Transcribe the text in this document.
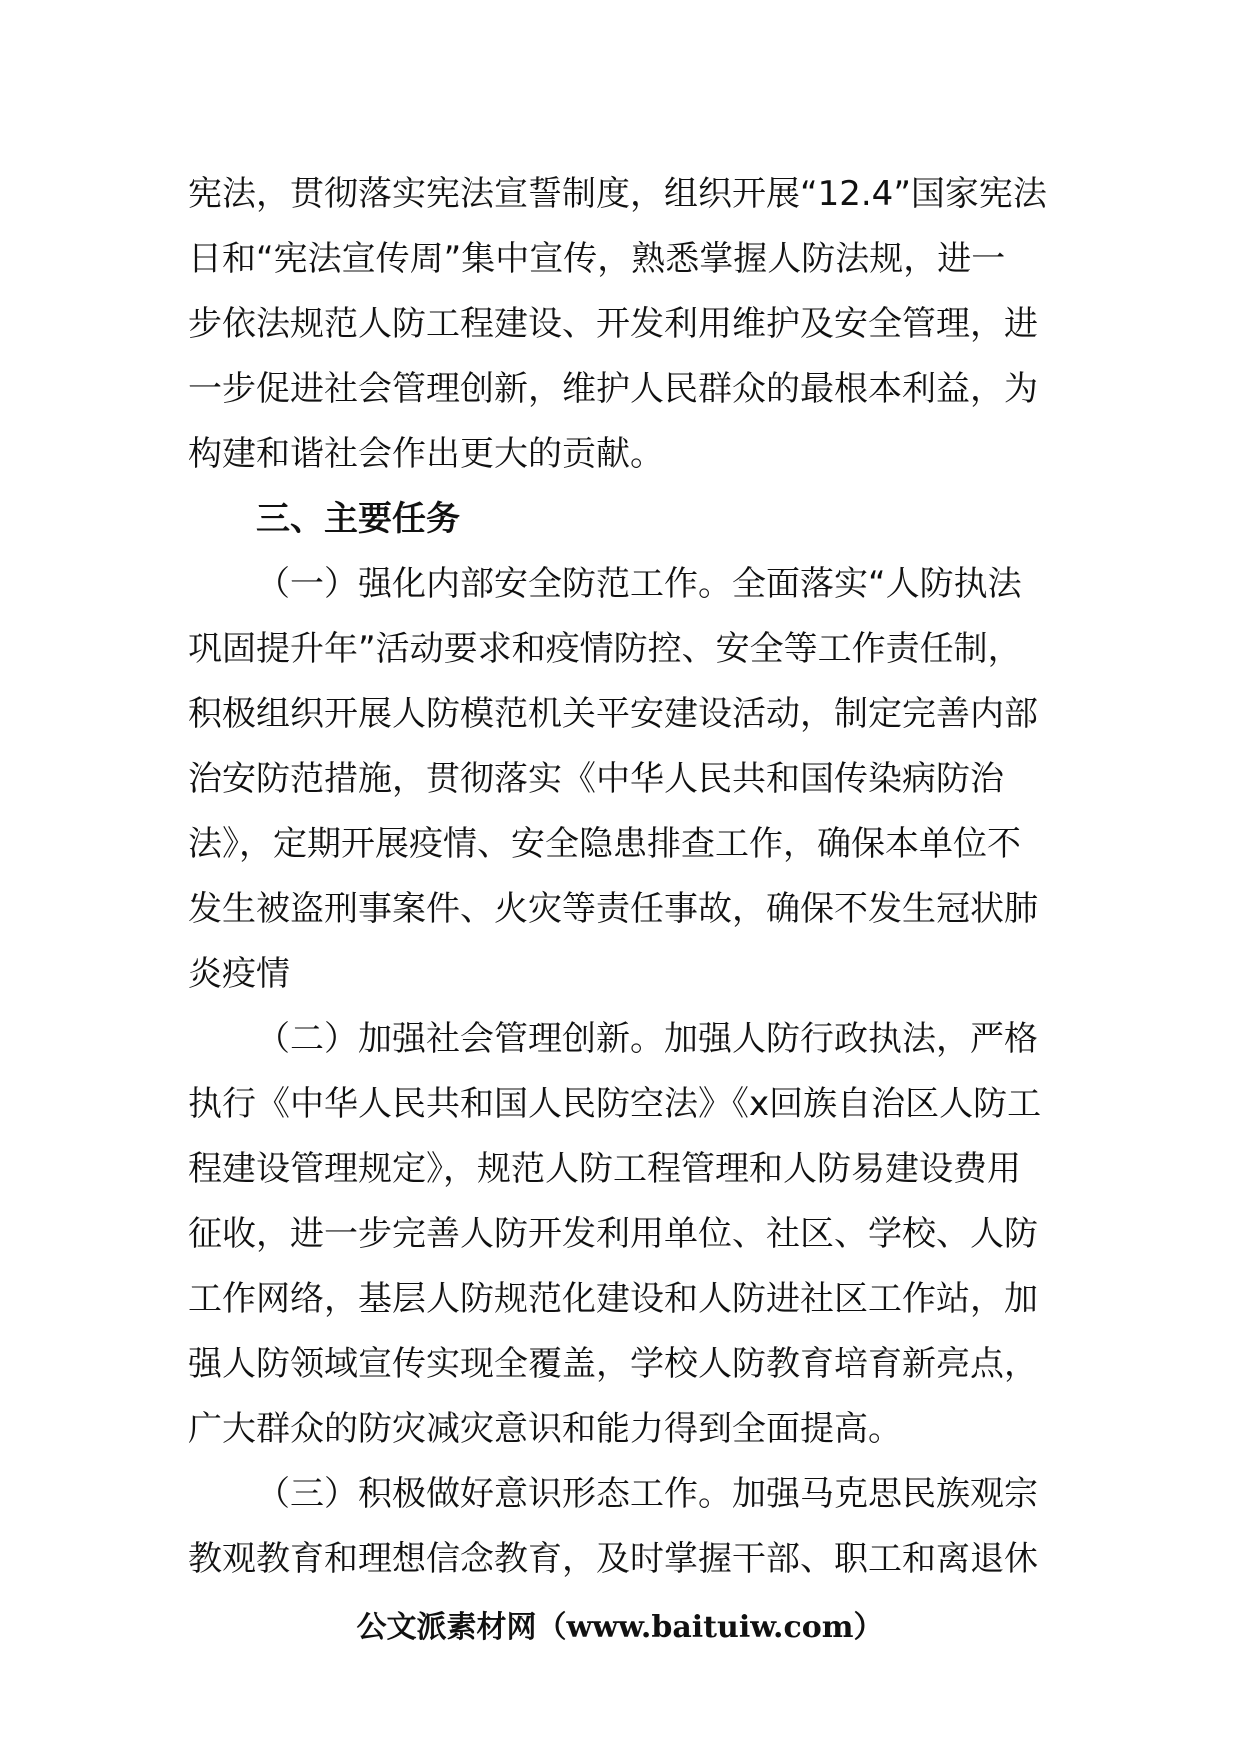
宪法，贯彻落实宪法宣誓制度，组织开展“12.4”国家宪法
日和“宪法宣传周”集中宣传，熟悉掌握人防法规，进一
步依法规范人防工程建设、开发利用维护及安全管理，进
一步促进社会管理创新，维护人民群众的最根本利益，为
构建和谐社会作出更大的贡献。
三、主要任务
（一）强化内部安全防范工作。全面落实“人防执法
巩固提升年”活动要求和疫情防控、安全等工作责任制，
积极组织开展人防模范机关平安建设活动，制定完善内部
治安防范措施，贯彻落实《中华人民共和国传染病防治
法》，定期开展疫情、安全隐患排查工作，确保本单位不
发生被盗刑事案件、火灾等责任事故，确保不发生冠状肺
炎疫情
（二）加强社会管理创新。加强人防行政执法，严格
执行《中华人民共和国人民防空法》《x回族自治区人防工
程建设管理规定》，规范人防工程管理和人防易建设费用
征收，进一步完善人防开发利用单位、社区、学校、人防
工作网络，基层人防规范化建设和人防进社区工作站，加
强人防领域宣传实现全覆盖，学校人防教育培育新亮点，
广大群众的防灾减灾意识和能力得到全面提高。
（三）积极做好意识形态工作。加强马克思民族观宗
教观教育和理想信念教育，及时掌握干部、职工和离退休
公文派素材网（www.baituiw.com）
